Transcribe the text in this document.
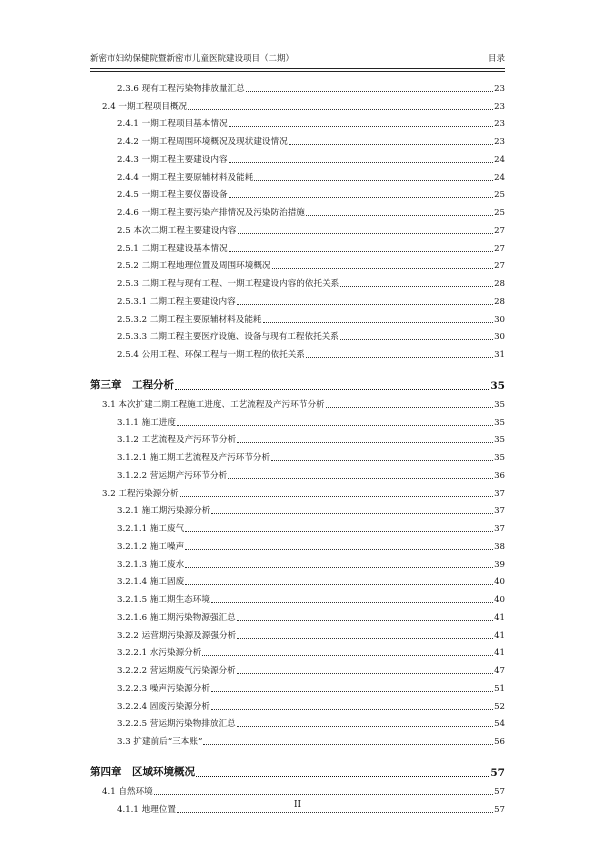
新密市妇幼保健院暨新密市儿童医院建设项目（二期）	目录
2.3.6 现有工程污染物排放量汇总	23
2.4 一期工程项目概况	23
2.4.1 一期工程项目基本情况	23
2.4.2 一期工程周围环境概况及现状建设情况	23
2.4.3 一期工程主要建设内容	24
2.4.4 一期工程主要原辅材料及能耗	24
2.4.5 一期工程主要仪器设备	25
2.4.6 一期工程主要污染产排情况及污染防治措施	25
2.5 本次二期工程主要建设内容	27
2.5.1 二期工程建设基本情况	27
2.5.2 二期工程地理位置及周围环境概况	27
2.5.3 二期工程与现有工程、一期工程建设内容的依托关系	28
2.5.3.1 二期工程主要建设内容	28
2.5.3.2 二期工程主要原辅材料及能耗	30
2.5.3.3 二期工程主要医疗设施、设备与现有工程依托关系	30
2.5.4 公用工程、环保工程与一期工程的依托关系	31
第三章　工程分析	35
3.1 本次扩建二期工程施工进度、工艺流程及产污环节分析	35
3.1.1 施工进度	35
3.1.2 工艺流程及产污环节分析	35
3.1.2.1 施工期工艺流程及产污环节分析	35
3.1.2.2 营运期产污环节分析	36
3.2 工程污染源分析	37
3.2.1 施工期污染源分析	37
3.2.1.1 施工废气	37
3.2.1.2 施工噪声	38
3.2.1.3 施工废水	39
3.2.1.4 施工固废	40
3.2.1.5 施工期生态环境	40
3.2.1.6 施工期污染物源强汇总	41
3.2.2 运营期污染源及源强分析	41
3.2.2.1 水污染源分析	41
3.2.2.2 营运期废气污染源分析	47
3.2.2.3 噪声污染源分析	51
3.2.2.4 固废污染源分析	52
3.2.2.5 营运期污染物排放汇总	54
3.3 扩建前后“三本账”	56
第四章　区域环境概况	57
4.1 自然环境	57
4.1.1 地理位置	57
II
